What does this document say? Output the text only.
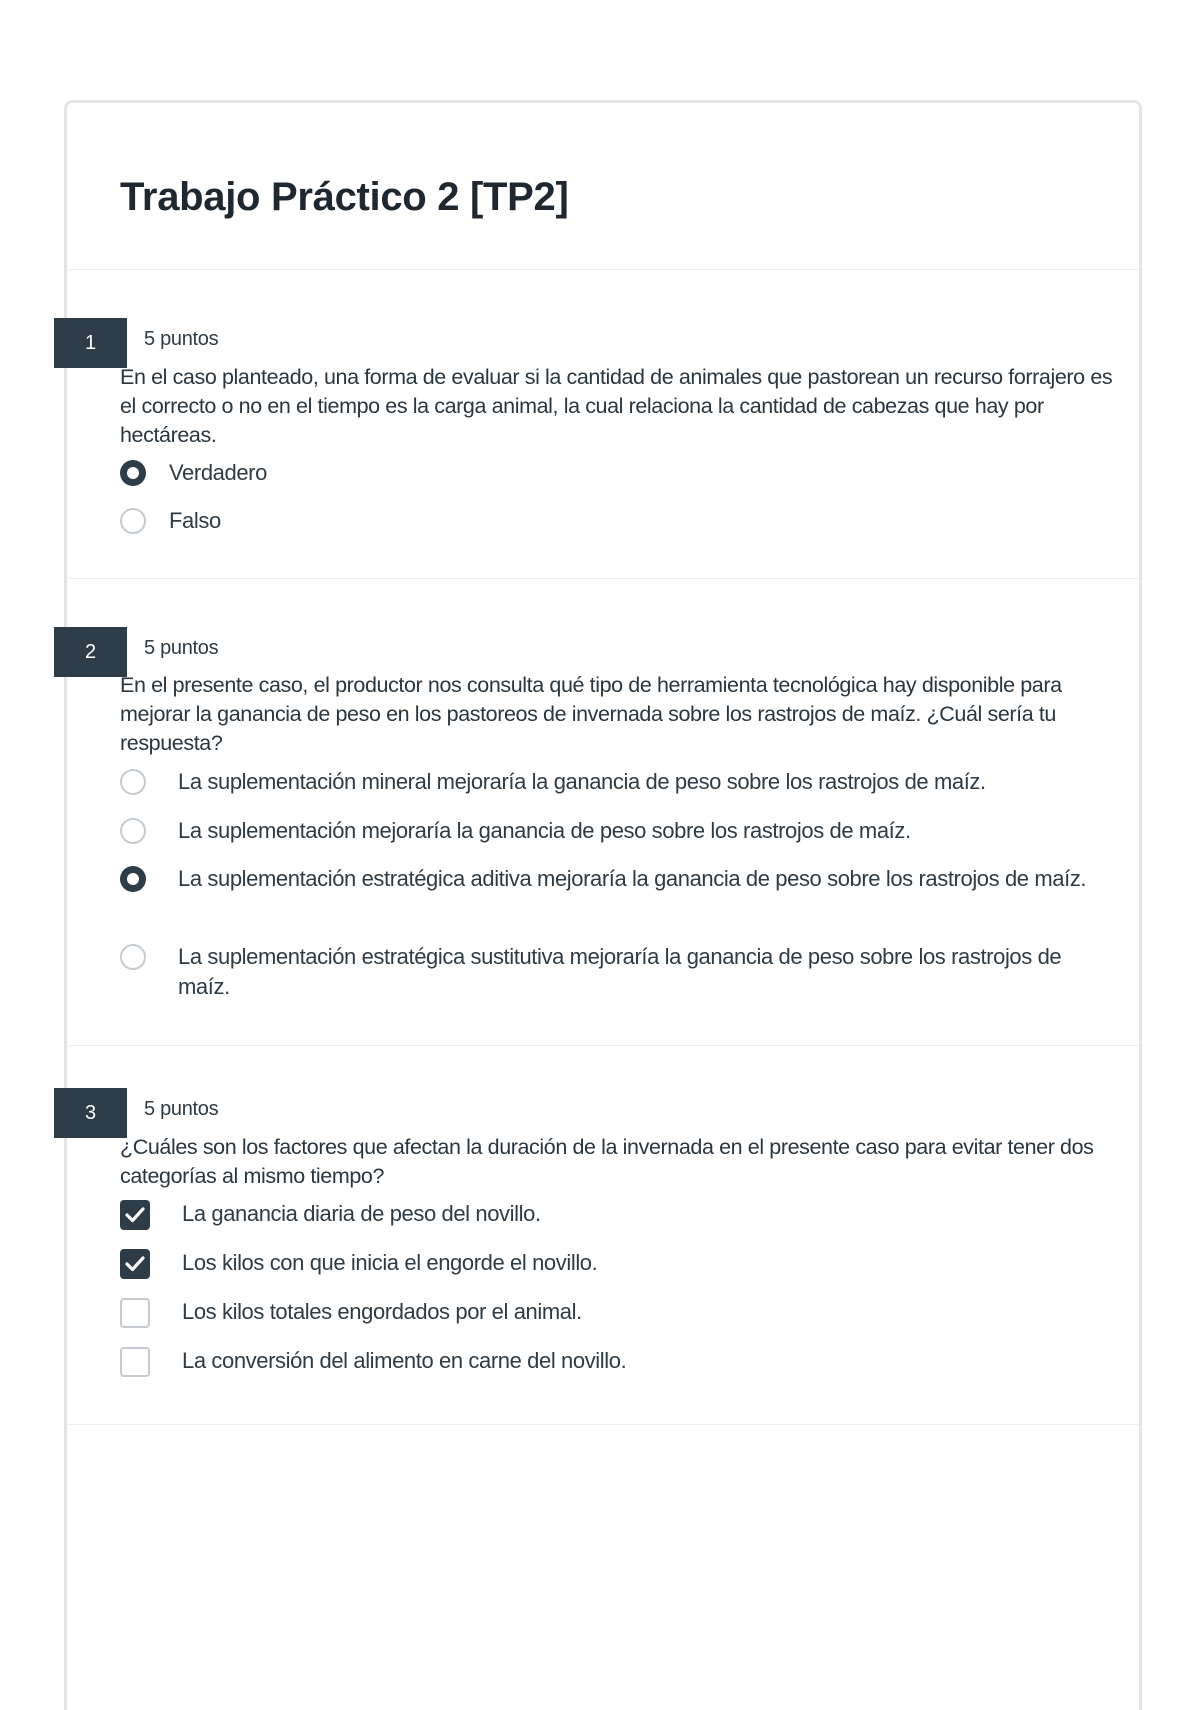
Trabajo Práctico 2 [TP2]
1	5 puntos

En el caso planteado, una forma de evaluar si la cantidad de animales que pastorean un recurso forrajero es el correcto o no en el tiempo es la carga animal, la cual relaciona la cantidad de cabezas que hay por hectáreas.

Verdadero
Falso
2	5 puntos

En el presente caso, el productor nos consulta qué tipo de herramienta tecnológica hay disponible para mejorar la ganancia de peso en los pastoreos de invernada sobre los rastrojos de maíz. ¿Cuál sería tu respuesta?

La suplementación mineral mejoraría la ganancia de peso sobre los rastrojos de maíz.
La suplementación mejoraría la ganancia de peso sobre los rastrojos de maíz.
La suplementación estratégica aditiva mejoraría la ganancia de peso sobre los rastrojos de maíz.
La suplementación estratégica sustitutiva mejoraría la ganancia de peso sobre los rastrojos de maíz.
3	5 puntos

¿Cuáles son los factores que afectan la duración de la invernada en el presente caso para evitar tener dos categorías al mismo tiempo?

La ganancia diaria de peso del novillo.
Los kilos con que inicia el engorde el novillo.
Los kilos totales engordados por el animal.
La conversión del alimento en carne del novillo.
